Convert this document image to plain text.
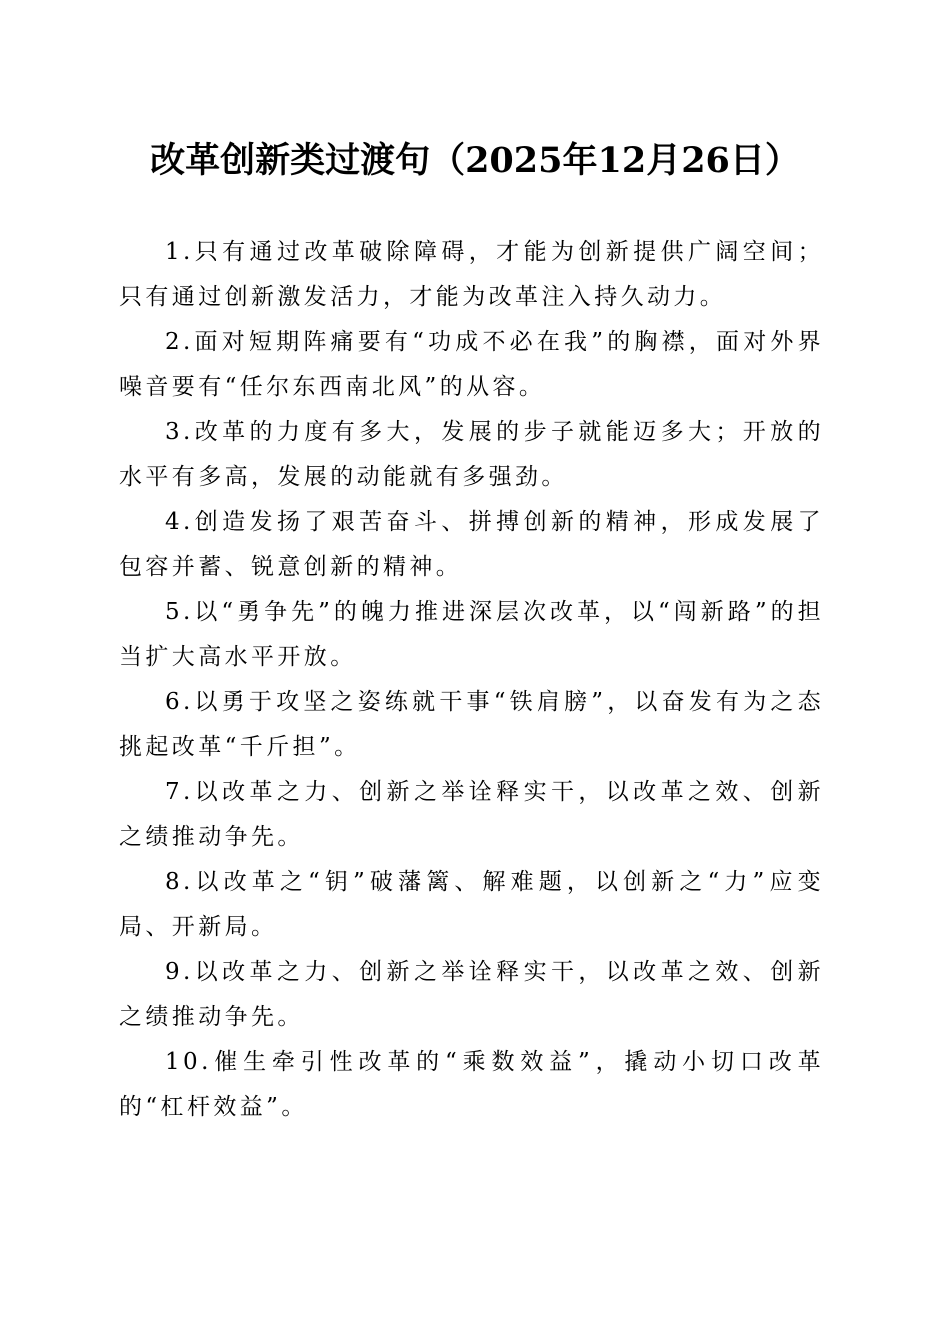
改革创新类过渡句（2025年12月26日）

1.只有通过改革破除障碍，才能为创新提供广阔空间；只有通过创新激发活力，才能为改革注入持久动力。

2.面对短期阵痛要有“功成不必在我”的胸襟，面对外界噪音要有“任尔东西南北风”的从容。

3.改革的力度有多大，发展的步子就能迈多大；开放的水平有多高，发展的动能就有多强劲。

4.创造发扬了艰苦奋斗、拼搏创新的精神，形成发展了包容并蓄、锐意创新的精神。

5.以“勇争先”的魄力推进深层次改革，以“闯新路”的担当扩大高水平开放。

6.以勇于攻坚之姿练就干事“铁肩膀”，以奋发有为之态挑起改革“千斤担”。

7.以改革之力、创新之举诠释实干，以改革之效、创新之绩推动争先。

8.以改革之“钥”破藩篱、解难题，以创新之“力”应变局、开新局。

9.以改革之力、创新之举诠释实干，以改革之效、创新之绩推动争先。

10.催生牵引性改革的“乘数效益”，撬动小切口改革的“杠杆效益”。
